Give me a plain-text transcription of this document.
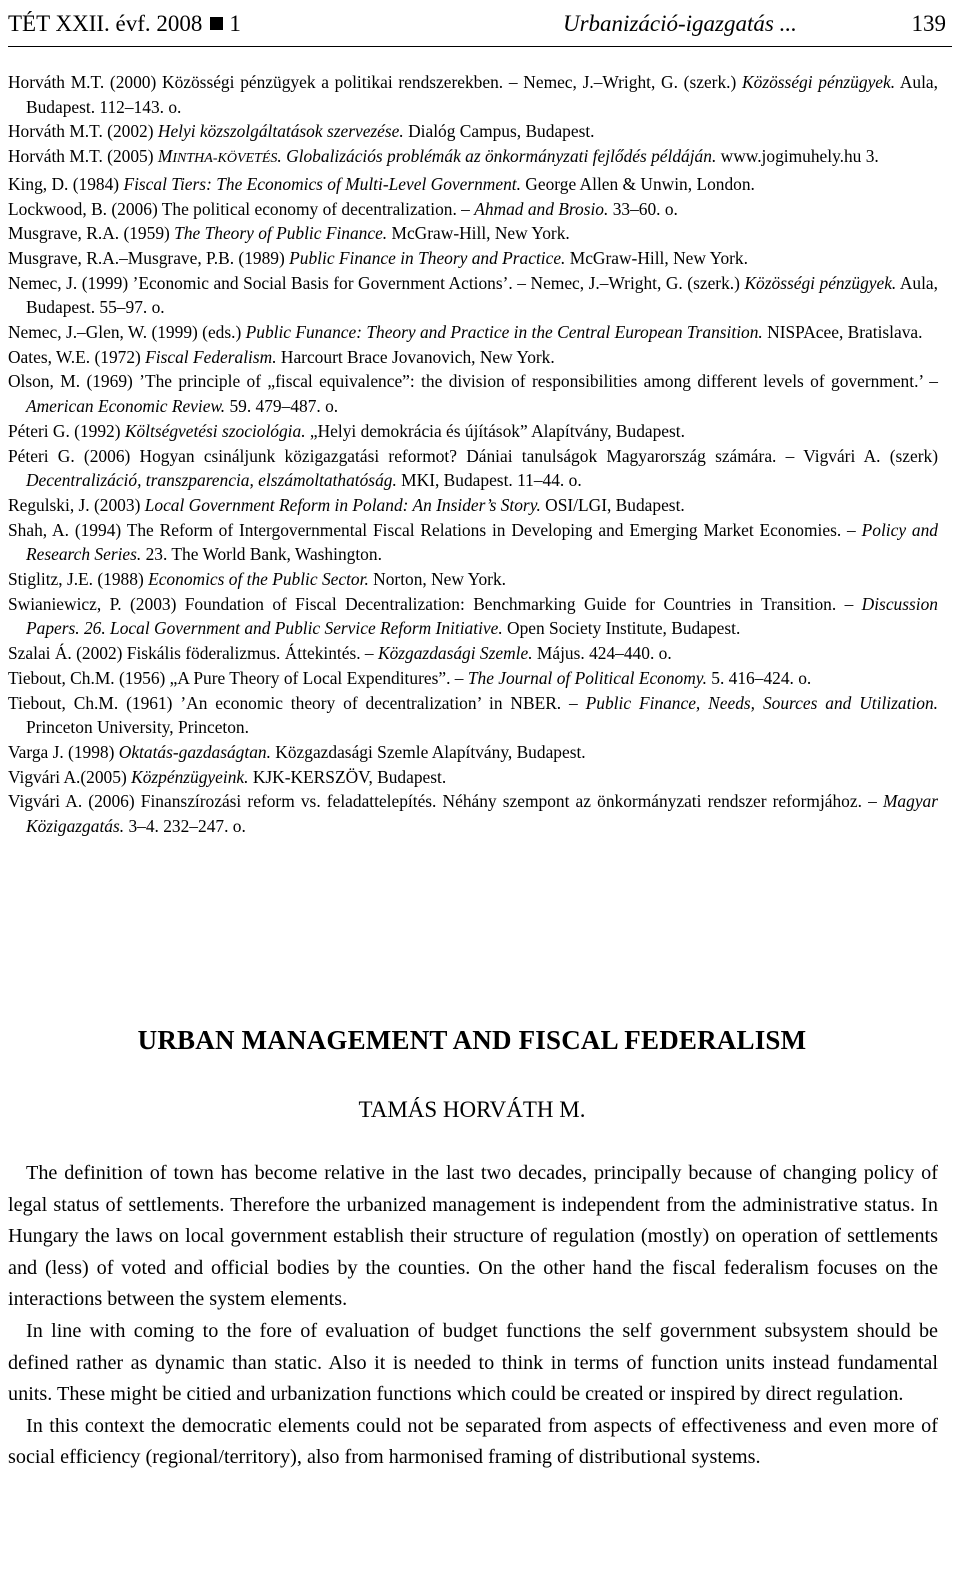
TÉT XXII. évf. 2008 1	Urbanizáció-igazgatás ...	139
Horváth M.T. (2000) Közösségi pénzügyek a politikai rendszerekben. – Nemec, J.–Wright, G. (szerk.) Közösségi pénzügyek. Aula, Budapest. 112–143. o.
Horváth M.T. (2002) Helyi közszolgáltatások szervezése. Dialóg Campus, Budapest.
Horváth M.T. (2005) MINTHA-KÖVETÉS. Globalizációs problémák az önkormányzati fejlődés példáján. www.jogimuhely.hu 3.
King, D. (1984) Fiscal Tiers: The Economics of Multi-Level Government. George Allen & Unwin, London.
Lockwood, B. (2006) The political economy of decentralization. – Ahmad and Brosio. 33–60. o.
Musgrave, R.A. (1959) The Theory of Public Finance. McGraw-Hill, New York.
Musgrave, R.A.–Musgrave, P.B. (1989) Public Finance in Theory and Practice. McGraw-Hill, New York.
Nemec, J. (1999) ’Economic and Social Basis for Government Actions’. – Nemec, J.–Wright, G. (szerk.) Közösségi pénzügyek. Aula, Budapest. 55–97. o.
Nemec, J.–Glen, W. (1999) (eds.) Public Funance: Theory and Practice in the Central European Transition. NISPAcee, Bratislava.
Oates, W.E. (1972) Fiscal Federalism. Harcourt Brace Jovanovich, New York.
Olson, M. (1969) ’The principle of „fiscal equivalence”: the division of responsibilities among different levels of government.’ – American Economic Review. 59. 479–487. o.
Péteri G. (1992) Költségvetési szociológia. „Helyi demokrácia és újítások” Alapítvány, Budapest.
Péteri G. (2006) Hogyan csináljunk közigazgatási reformot? Dániai tanulságok Magyarország számára. – Vigvári A. (szerk) Decentralizáció, transzparencia, elszámoltathatóság. MKI, Budapest. 11–44. o.
Regulski, J. (2003) Local Government Reform in Poland: An Insider’s Story. OSI/LGI, Budapest.
Shah, A. (1994) The Reform of Intergovernmental Fiscal Relations in Developing and Emerging Market Economies. – Policy and Research Series. 23. The World Bank, Washington.
Stiglitz, J.E. (1988) Economics of the Public Sector. Norton, New York.
Swianiewicz, P. (2003) Foundation of Fiscal Decentralization: Benchmarking Guide for Countries in Transition. – Discussion Papers. 26. Local Government and Public Service Reform Initiative. Open Society Institute, Budapest.
Szalai Á. (2002) Fiskális föderalizmus. Áttekintés. – Közgazdasági Szemle. Május. 424–440. o.
Tiebout, Ch.M. (1956) „A Pure Theory of Local Expenditures”. – The Journal of Political Economy. 5. 416–424. o.
Tiebout, Ch.M. (1961) ’An economic theory of decentralization’ in NBER. – Public Finance, Needs, Sources and Utilization. Princeton University, Princeton.
Varga J. (1998) Oktatás-gazdaságtan. Közgazdasági Szemle Alapítvány, Budapest.
Vigvári A.(2005) Közpénzügyeink. KJK-KERSZÖV, Budapest.
Vigvári A. (2006) Finanszírozási reform vs. feladattelepítés. Néhány szempont az önkormányzati rendszer reformjához. – Magyar Közigazgatás. 3–4. 232–247. o.
URBAN MANAGEMENT AND FISCAL FEDERALISM
TAMÁS HORVÁTH M.

The definition of town has become relative in the last two decades, principally because of changing policy of legal status of settlements. Therefore the urbanized management is independent from the administrative status. In Hungary the laws on local government establish their structure of regulation (mostly) on operation of settlements and (less) of voted and official bodies by the counties. On the other hand the fiscal federalism focuses on the interactions between the system elements.

In line with coming to the fore of evaluation of budget functions the self government subsystem should be defined rather as dynamic than static. Also it is needed to think in terms of function units instead fundamental units. These might be citied and urbanization functions which could be created or inspired by direct regulation.

In this context the democratic elements could not be separated from aspects of effectiveness and even more of social efficiency (regional/territory), also from harmonised framing of distributional systems.
